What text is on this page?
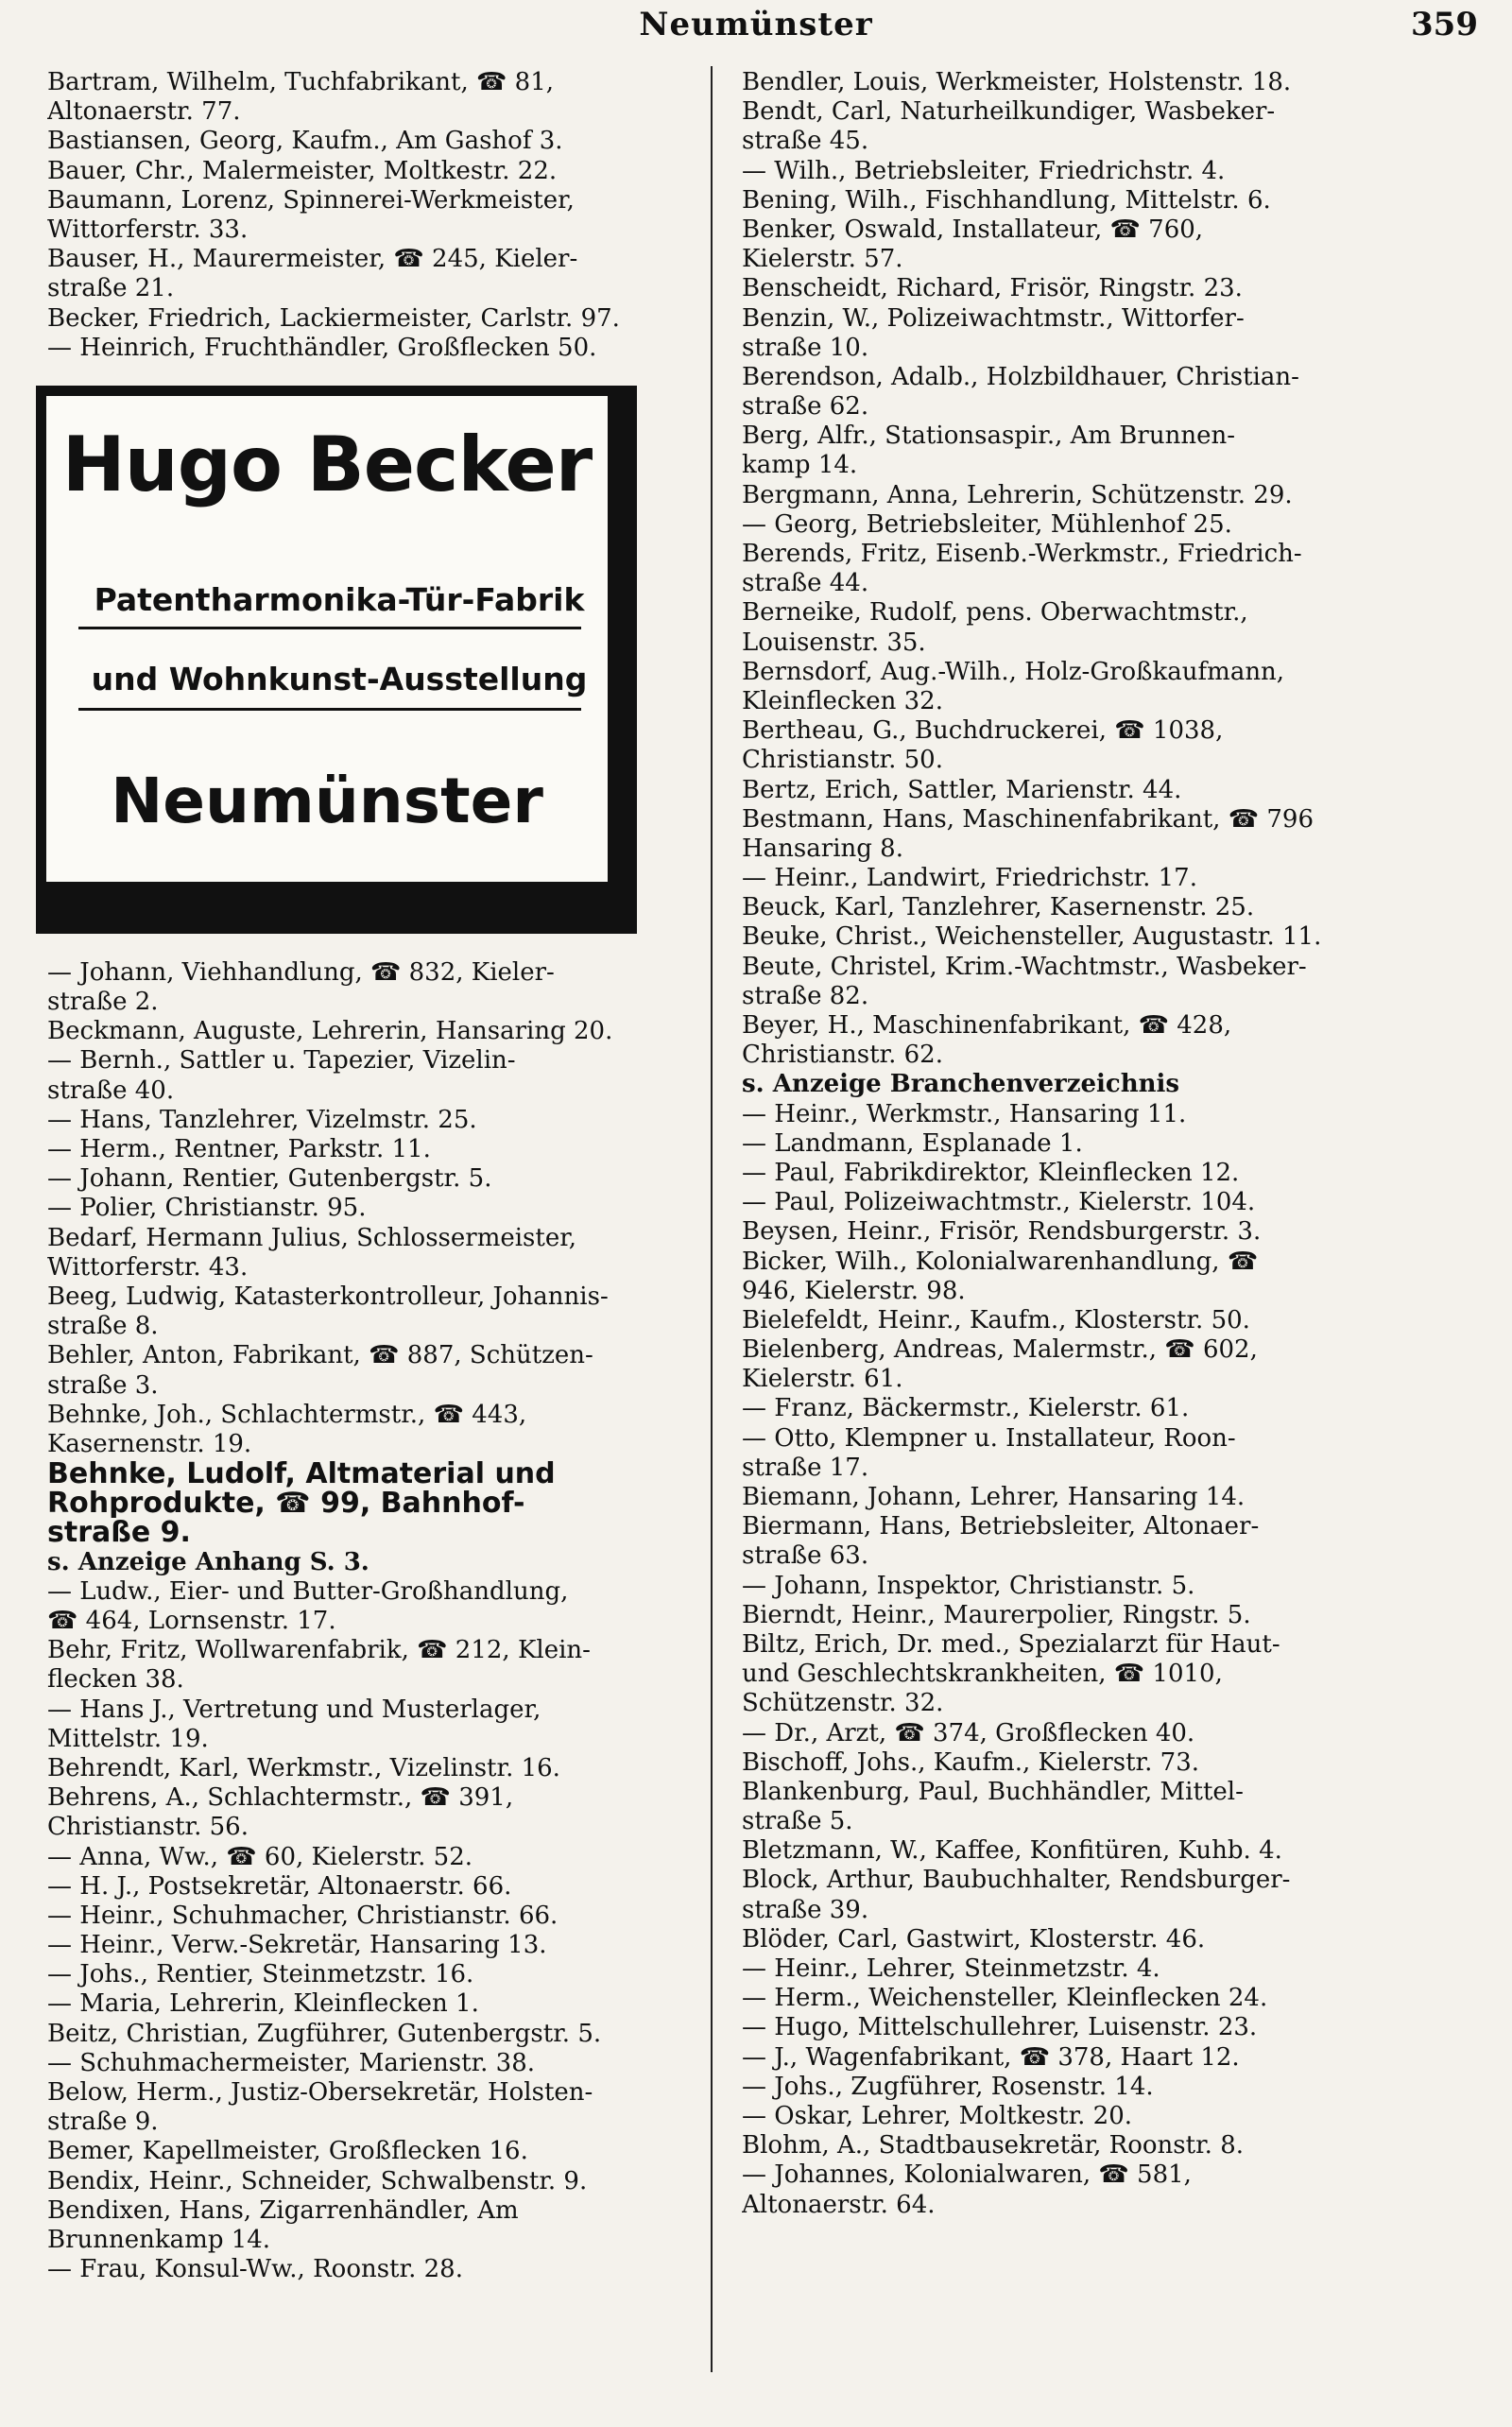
Neumünster	359
Bartram, Wilhelm, Tuchfabrikant, ☎ 81,
Altonaerstr. 77.
Bastiansen, Georg, Kaufm., Am Gashof 3.
Bauer, Chr., Malermeister, Moltkestr. 22.
Baumann, Lorenz, Spinnerei-Werkmeister,
Wittorferstr. 33.
Bauser, H., Maurermeister, ☎ 245, Kieler-
straße 21.
Becker, Friedrich, Lackiermeister, Carlstr. 97.
— Heinrich, Fruchthändler, Großflecken 50.
Hugo Becker
Patentharmonika-Tür-Fabrik
und Wohnkunst-Ausstellung
Neumünster
— Johann, Viehhandlung, ☎ 832, Kieler-
straße 2.
Beckmann, Auguste, Lehrerin, Hansaring 20.
— Bernh., Sattler u. Tapezier, Vizelin-
straße 40.
— Hans, Tanzlehrer, Vizelmstr. 25.
— Herm., Rentner, Parkstr. 11.
— Johann, Rentier, Gutenbergstr. 5.
— Polier, Christianstr. 95.
Bedarf, Hermann Julius, Schlossermeister,
Wittorferstr. 43.
Beeg, Ludwig, Katasterkontrolleur, Johannis-
straße 8.
Behler, Anton, Fabrikant, ☎ 887, Schützen-
straße 3.
Behnke, Joh., Schlachtermstr., ☎ 443,
Kasernenstr. 19.
Behnke, Ludolf, Altmaterial und
Rohprodukte, ☎ 99, Bahnhof-
straße 9.
s. Anzeige Anhang S. 3.
— Ludw., Eier- und Butter-Großhandlung,
☎ 464, Lornsenstr. 17.
Behr, Fritz, Wollwarenfabrik, ☎ 212, Klein-
flecken 38.
— Hans J., Vertretung und Musterlager,
Mittelstr. 19.
Behrendt, Karl, Werkmstr., Vizelinstr. 16.
Behrens, A., Schlachtermstr., ☎ 391,
Christianstr. 56.
— Anna, Ww., ☎ 60, Kielerstr. 52.
— H. J., Postsekretär, Altonaerstr. 66.
— Heinr., Schuhmacher, Christianstr. 66.
— Heinr., Verw.-Sekretär, Hansaring 13.
— Johs., Rentier, Steinmetzstr. 16.
— Maria, Lehrerin, Kleinflecken 1.
Beitz, Christian, Zugführer, Gutenbergstr. 5.
— Schuhmachermeister, Marienstr. 38.
Below, Herm., Justiz-Obersekretär, Holsten-
straße 9.
Bemer, Kapellmeister, Großflecken 16.
Bendix, Heinr., Schneider, Schwalbenstr. 9.
Bendixen, Hans, Zigarrenhändler, Am
Brunnenkamp 14.
— Frau, Konsul-Ww., Roonstr. 28.
Bendler, Louis, Werkmeister, Holstenstr. 18.
Bendt, Carl, Naturheilkundiger, Wasbeker-
straße 45.
— Wilh., Betriebsleiter, Friedrichstr. 4.
Bening, Wilh., Fischhandlung, Mittelstr. 6.
Benker, Oswald, Installateur, ☎ 760,
Kielerstr. 57.
Benscheidt, Richard, Frisör, Ringstr. 23.
Benzin, W., Polizeiwachtmstr., Wittorfer-
straße 10.
Berendson, Adalb., Holzbildhauer, Christian-
straße 62.
Berg, Alfr., Stationsaspir., Am Brunnen-
kamp 14.
Bergmann, Anna, Lehrerin, Schützenstr. 29.
— Georg, Betriebsleiter, Mühlenhof 25.
Berends, Fritz, Eisenb.-Werkmstr., Friedrich-
straße 44.
Berneike, Rudolf, pens. Oberwachtmstr.,
Louisenstr. 35.
Bernsdorf, Aug.-Wilh., Holz-Großkaufmann,
Kleinflecken 32.
Bertheau, G., Buchdruckerei, ☎ 1038,
Christianstr. 50.
Bertz, Erich, Sattler, Marienstr. 44.
Bestmann, Hans, Maschinenfabrikant, ☎ 796
Hansaring 8.
— Heinr., Landwirt, Friedrichstr. 17.
Beuck, Karl, Tanzlehrer, Kasernenstr. 25.
Beuke, Christ., Weichensteller, Augustastr. 11.
Beute, Christel, Krim.-Wachtmstr., Wasbeker-
straße 82.
Beyer, H., Maschinenfabrikant, ☎ 428,
Christianstr. 62.
s. Anzeige Branchenverzeichnis
— Heinr., Werkmstr., Hansaring 11.
— Landmann, Esplanade 1.
— Paul, Fabrikdirektor, Kleinflecken 12.
— Paul, Polizeiwachtmstr., Kielerstr. 104.
Beysen, Heinr., Frisör, Rendsburgerstr. 3.
Bicker, Wilh., Kolonialwarenhandlung, ☎
946, Kielerstr. 98.
Bielefeldt, Heinr., Kaufm., Klosterstr. 50.
Bielenberg, Andreas, Malermstr., ☎ 602,
Kielerstr. 61.
— Franz, Bäckermstr., Kielerstr. 61.
— Otto, Klempner u. Installateur, Roon-
straße 17.
Biemann, Johann, Lehrer, Hansaring 14.
Biermann, Hans, Betriebsleiter, Altonaer-
straße 63.
— Johann, Inspektor, Christianstr. 5.
Bierndt, Heinr., Maurerpolier, Ringstr. 5.
Biltz, Erich, Dr. med., Spezialarzt für Haut-
und Geschlechtskrankheiten, ☎ 1010,
Schützenstr. 32.
— Dr., Arzt, ☎ 374, Großflecken 40.
Bischoff, Johs., Kaufm., Kielerstr. 73.
Blankenburg, Paul, Buchhändler, Mittel-
straße 5.
Bletzmann, W., Kaffee, Konfitüren, Kuhb. 4.
Block, Arthur, Baubuchhalter, Rendsburger-
straße 39.
Blöder, Carl, Gastwirt, Klosterstr. 46.
— Heinr., Lehrer, Steinmetzstr. 4.
— Herm., Weichensteller, Kleinflecken 24.
— Hugo, Mittelschullehrer, Luisenstr. 23.
— J., Wagenfabrikant, ☎ 378, Haart 12.
— Johs., Zugführer, Rosenstr. 14.
— Oskar, Lehrer, Moltkestr. 20.
Blohm, A., Stadtbausekretär, Roonstr. 8.
— Johannes, Kolonialwaren, ☎ 581,
Altonaerstr. 64.
